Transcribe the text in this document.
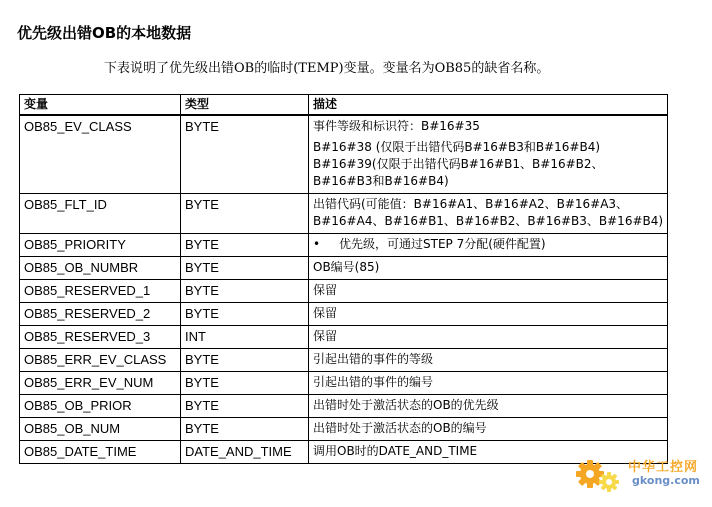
优先级出错OB的本地数据
下表说明了优先级出错OB的临时(TEMP)变量。变量名为OB85的缺省名称。
变量	类型	描述
OB85_EV_CLASS	BYTE	事件等级和标识符：B#16#35
B#16#38 (仅限于出错代码B#16#B3和B#16#B4)
B#16#39(仅限于出错代码B#16#B1、B#16#B2、
B#16#B3和B#16#B4)

OB85_FLT_ID	BYTE	出错代码(可能值：B#16#A1、B#16#A2、B#16#A3、
B#16#A4、B#16#B1、B#16#B2、B#16#B3、B#16#B4)

OB85_PRIORITY	BYTE	• 优先级，可通过STEP 7分配(硬件配置)

OB85_OB_NUMBR	BYTE	OB编号(85)

OB85_RESERVED_1	BYTE	保留

OB85_RESERVED_2	BYTE	保留

OB85_RESERVED_3	INT	保留

OB85_ERR_EV_CLASS	BYTE	引起出错的事件的等级

OB85_ERR_EV_NUM	BYTE	引起出错的事件的编号

OB85_OB_PRIOR	BYTE	出错时处于激活状态的OB的优先级

OB85_OB_NUM	BYTE	出错时处于激活状态的OB的编号

OB85_DATE_TIME	DATE_AND_TIME	调用OB时的DATE_AND_TIME
中华工控网
gkong.com
